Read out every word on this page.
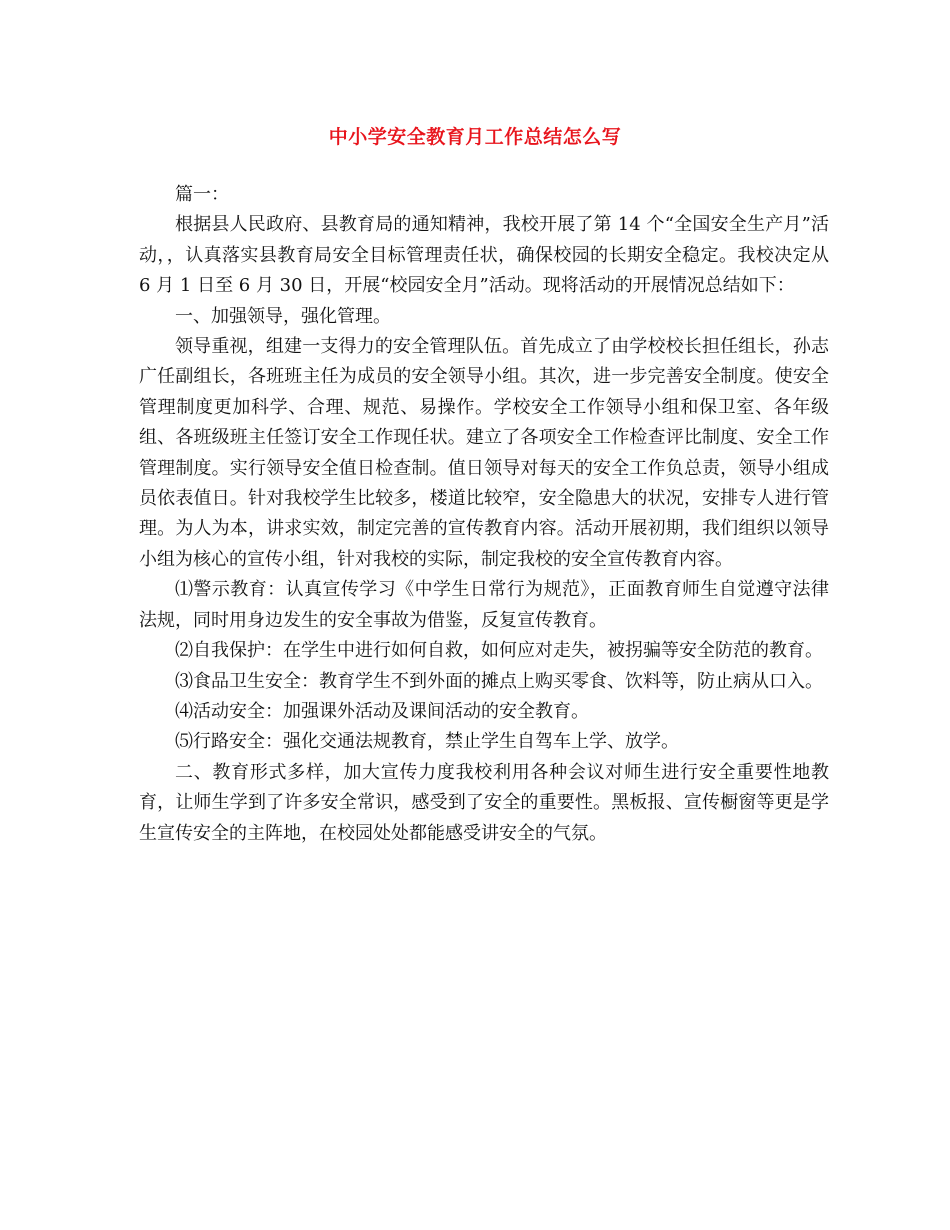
中小学安全教育月工作总结怎么写

篇一：

根据县人民政府、县教育局的通知精神，我校开展了第 14 个“全国安全生产月”活动，，认真落实县教育局安全目标管理责任状，确保校园的长期安全稳定。我校决定从 6 月 1 日至 6 月 30 日，开展“校园安全月”活动。现将活动的开展情况总结如下：

一、加强领导，强化管理。

领导重视，组建一支得力的安全管理队伍。首先成立了由学校校长担任组长，孙志广任副组长，各班班主任为成员的安全领导小组。其次，进一步完善安全制度。使安全管理制度更加科学、合理、规范、易操作。学校安全工作领导小组和保卫室、各年级组、各班级班主任签订安全工作现任状。建立了各项安全工作检查评比制度、安全工作管理制度。实行领导安全值日检查制。值日领导对每天的安全工作负总责，领导小组成员依表值日。针对我校学生比较多，楼道比较窄，安全隐患大的状况，安排专人进行管理。为人为本，讲求实效，制定完善的宣传教育内容。活动开展初期，我们组织以领导小组为核心的宣传小组，针对我校的实际，制定我校的安全宣传教育内容。

⑴警示教育：认真宣传学习《中学生日常行为规范》，正面教育师生自觉遵守法律法规，同时用身边发生的安全事故为借鉴，反复宣传教育。

⑵自我保护：在学生中进行如何自救，如何应对走失，被拐骗等安全防范的教育。

⑶食品卫生安全：教育学生不到外面的摊点上购买零食、饮料等，防止病从口入。

⑷活动安全：加强课外活动及课间活动的安全教育。

⑸行路安全：强化交通法规教育，禁止学生自驾车上学、放学。

二、教育形式多样，加大宣传力度我校利用各种会议对师生进行安全重要性地教育，让师生学到了许多安全常识，感受到了安全的重要性。黑板报、宣传橱窗等更是学生宣传安全的主阵地，在校园处处都能感受讲安全的气氛。
